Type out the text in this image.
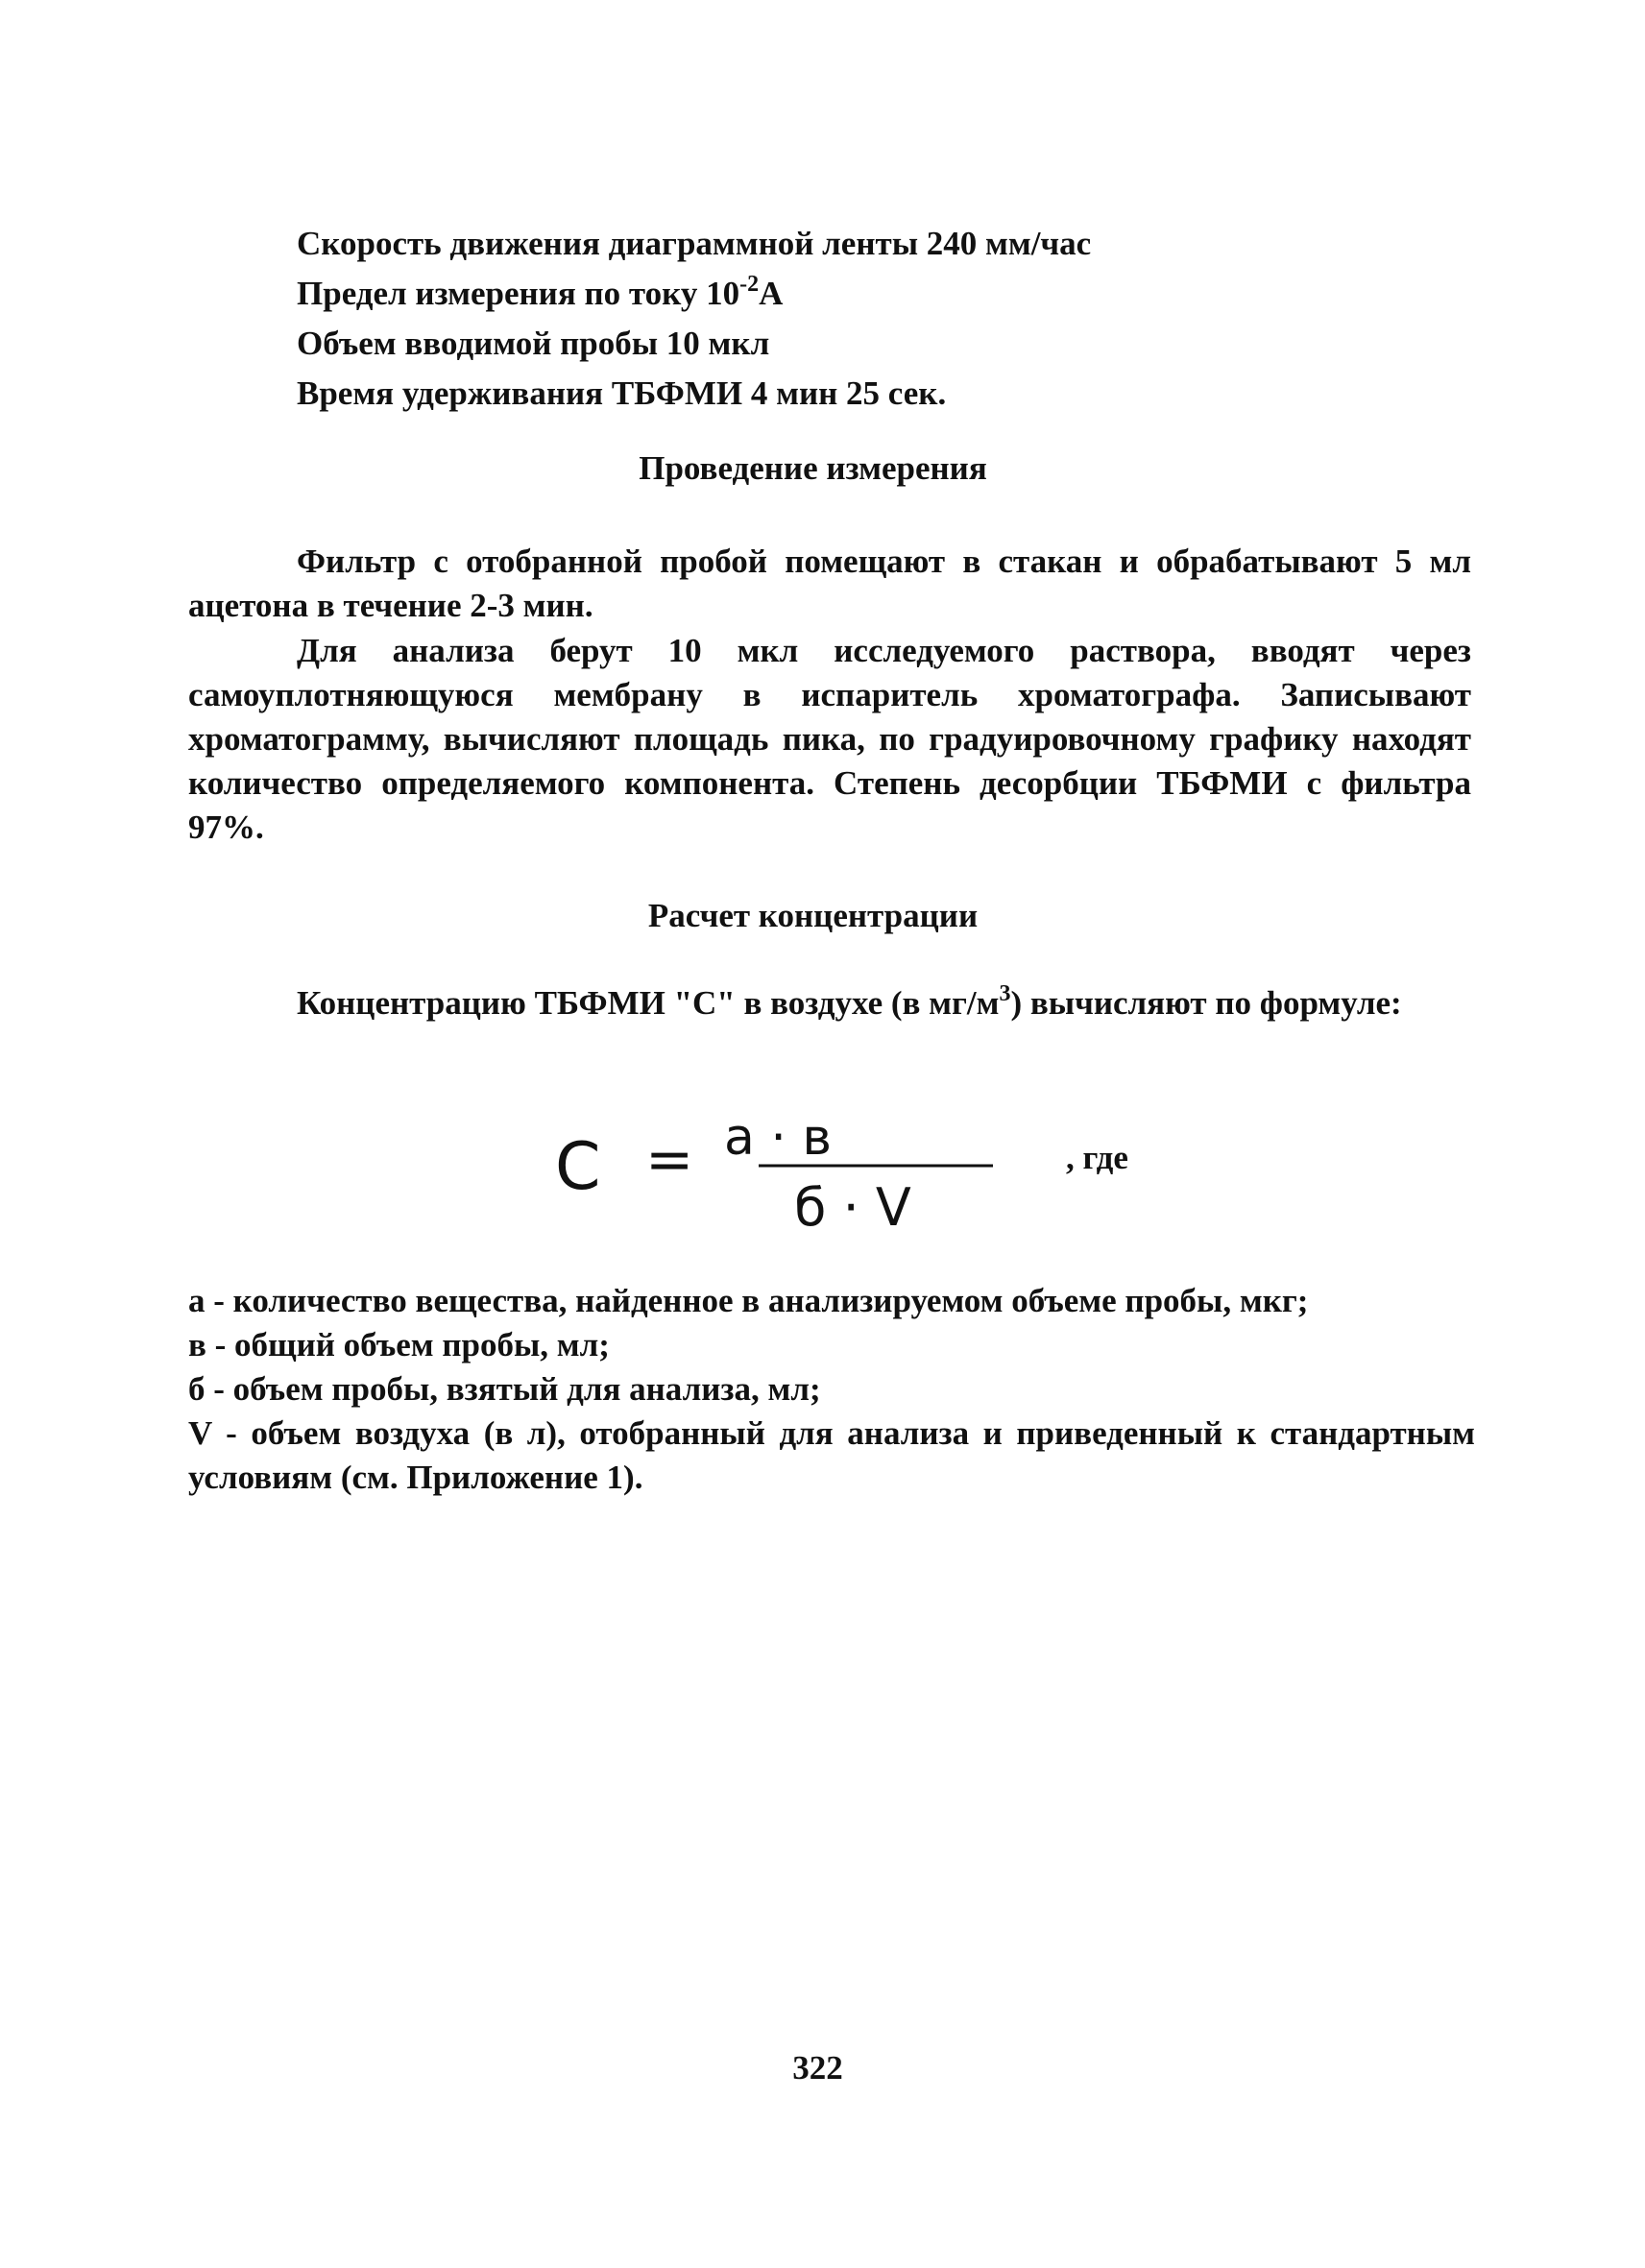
Скорость движения диаграммной ленты 240 мм/час
Предел измерения по току $10^{-2}А$
Объем вводимой пробы 10 мкл
Время удерживания ТБФМИ 4 мин 25 сек.
Проведение измерения
Фильтр с отобранной пробой помещают в стакан и обрабатывают 5 мл ацетона в течение 2-3 мин.
Для анализа берут 10 мкл исследуемого раствора, вводят через самоуплотняющуюся мембрану в испаритель хроматографа. Записывают хроматограмму, вычисляют площадь пика, по градуировочному графику находят количество определяемого компонента. Степень десорбции ТБФМИ с фильтра 97%.
Расчет концентрации
Концентрацию ТБФМИ "С" в воздухе (в $мг/м^3$) вычисляют по формуле:
C = a · в
б · V
, где
а - количество вещества, найденное в анализируемом объеме пробы, мкг;
в - общий объем пробы, мл;
б - объем пробы, взятый для анализа, мл;
V - объем воздуха (в л), отобранный для анализа и приведенный к стандартным условиям (см. Приложение 1).
322
